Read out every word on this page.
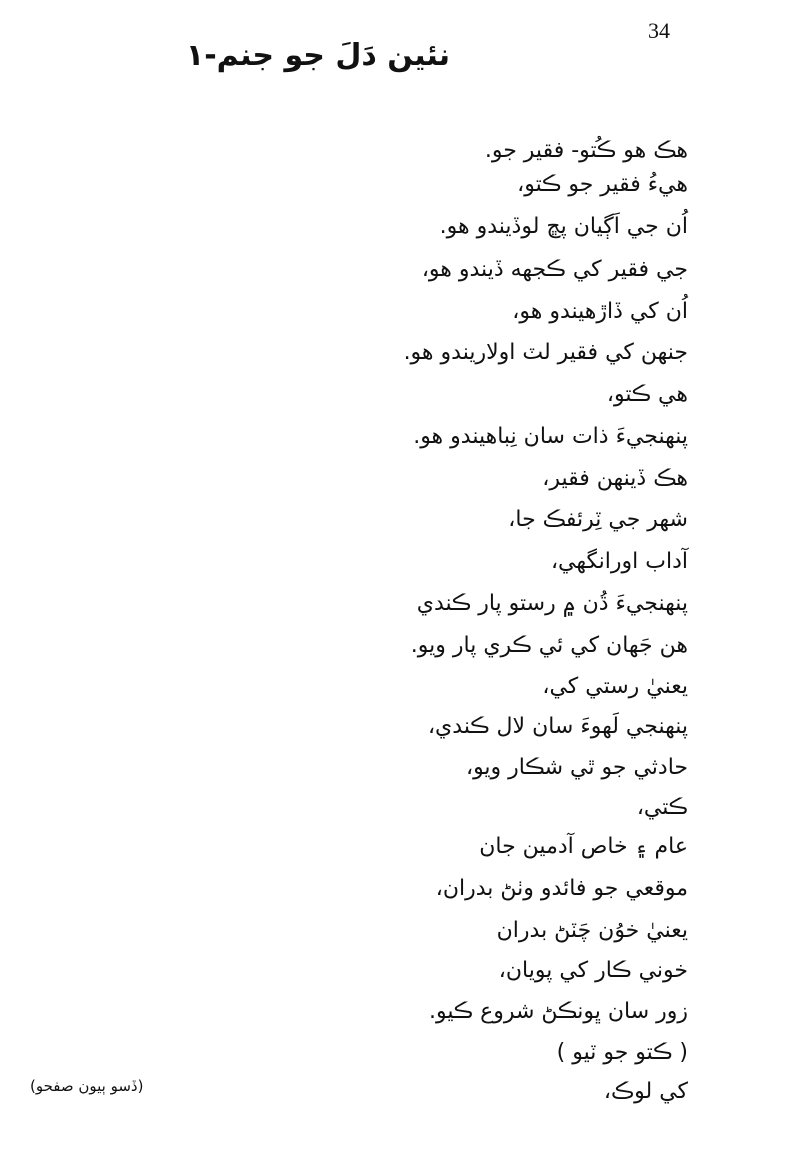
34
نئين دَلَ جو جنم-١
هڪ هو ڪُتو- فقير جو.
هيءُ فقير جو ڪتو،
اُن جي اَڳيان پڇ لوڏيندو هو.
جي فقير کي ڪجهه ڏيندو هو،
اُن کي ڏاڙهيندو هو،
جنهن کي فقير لٽ اولاريندو هو.
هي ڪتو،
پنهنجيءَ ذات سان نِباهيندو هو.
هڪ ڏينهن فقير،
شهر جي ٽِرئفڪ جا،
آداب اورانگهي،
پنهنجيءَ ڌُن ۾ رستو پار ڪندي
هن جَهان کي ئي ڪري پار ويو.
يعنيٰ رستي کي،
پنهنجي لَهوءَ سان لال ڪندي،
حادثي جو ٿي شڪار ويو،
ڪتي،
عام ۽ خاص آدمين جان
موقعي جو فائدو وٺڻ بدران،
يعنيٰ خوُن چَٽڻ بدران
خوني ڪار کي پويان،
زور سان ڀونڪڻ شروع ڪيو.
( ڪتو جو ٽيو )
کي لوڪ،
(ڏسو ٻيون صفحو)
